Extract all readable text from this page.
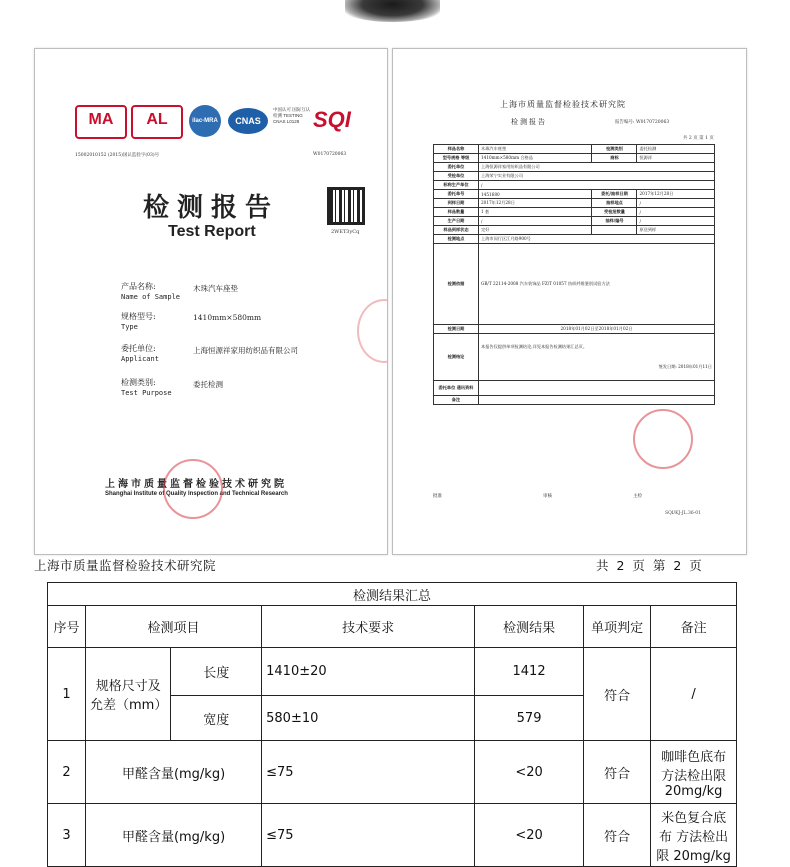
MA	AL	ilac-MRA	CNAS
中国认可 国际互认 检测 TESTING CNAS L0128 SQI
15002010152 (2015)国认监验字(03)号	W0170720063
检测报告
Test Report	2WET3yCq
产品名称:
Name of Sample
木珠汽车座垫
规格型号:
Type
1410mm×580mm
委托单位:
Applicant
上海恒源祥家用纺织品有限公司
检测类别:
Test Purpose
委托检测
上海市质量监督检验技术研究院
Shanghai Institute of Quality Inspection and Technical Research
上海市质量监督检验技术研究院
检测报告	报告编号: W0170720063
共 2 页 第 1 页
样品名称	木珠汽车座垫	检测类别	委托检测
型号规格 等级	1410mm×580mm 合格品	商标	恒源祥
委托单位	上海恒源祥家用纺织品有限公司		
受检单位	上海荣宁实业有限公司		
标称生产单位	/		
委托单号	1451680	委托/抽样日期	2017年12月28日
到样日期	2017年12月28日	抽样地点	/
样品数量	1 套	受检批数量	/
生产日期	/	抽样/编号	/
样品到样状态	完好		原送到样
检测地点	上海市闵行区江月路900号		
检测依据	GB/T 22114-2008 汽车装饰品 FZ/T 01057 纺织纤维鉴别试验方法		
检测日期	2018年01月02日至2018年01月02日		
检测结论	本报告仅提供单项检测结论,详见本报告检测结果汇总页。
签发日期: 2018年01月11日		

委托单位 通讯资料			
备注			
批准	审核	主检
SQI/KJ-JL.36-01
上海市质量监督检验技术研究院	共 2 页 第 2 页
检测结果汇总						
序号	检测项目		技术要求	检测结果	单项判定	备注
1	规格尺寸及允差（mm）	长度	1410±20	1412	符合	/
		宽度	580±10	579		
2	甲醛含量(mg/kg)		≤75	<20	符合	咖啡色底布 方法检出限 20mg/kg
3	甲醛含量(mg/kg)		≤75	<20	符合	米色复合底布 方法检出限 20mg/kg
